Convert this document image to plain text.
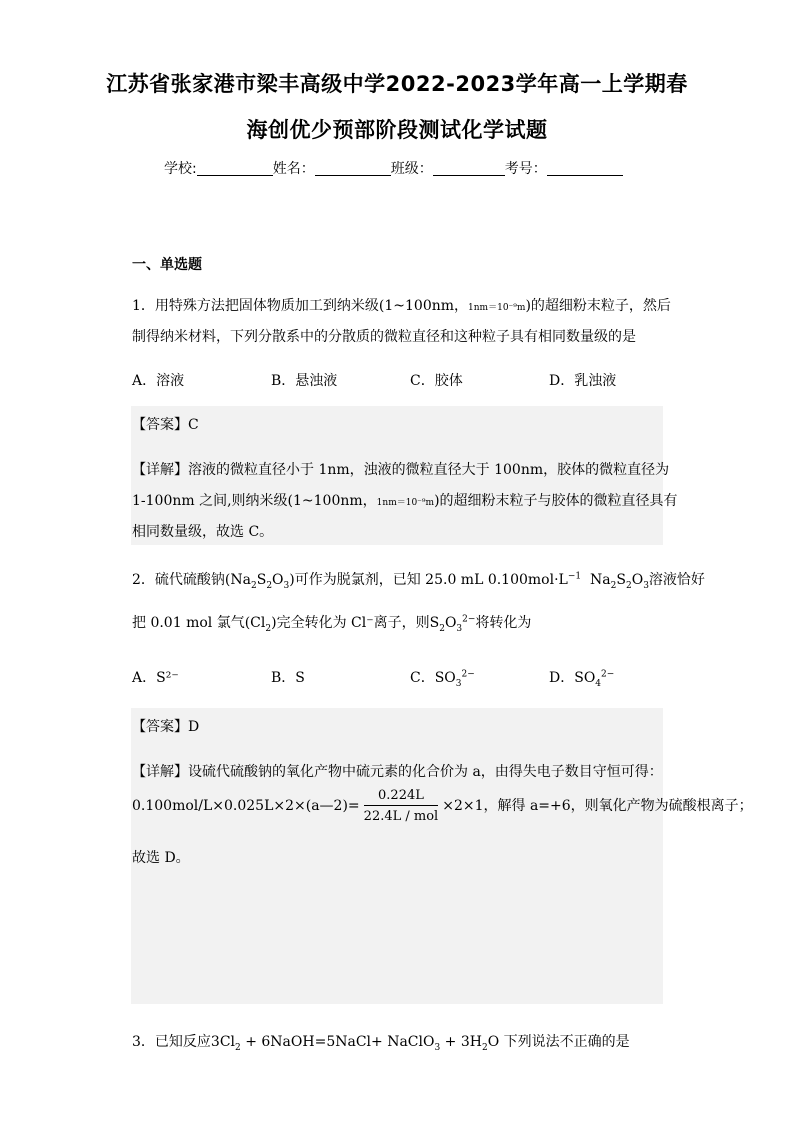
江苏省张家港市梁丰高级中学2022-2023学年高一上学期春
海创优少预部阶段测试化学试题
学校:	姓名：	班级：	考号：
一、单选题
1．用特殊方法把固体物质加工到纳米级(1~100nm，1nm＝10⁻⁹m)的超细粉末粒子，然后
制得纳米材料，下列分散系中的分散质的微粒直径和这种粒子具有相同数量级的是
A．溶液	B．悬浊液	C．胶体	D．乳浊液
【答案】C
【详解】溶液的微粒直径小于 1nm，浊液的微粒直径大于 100nm，胶体的微粒直径为
1-100nm 之间,则纳米级(1~100nm，1nm＝10⁻⁹m)的超细粉末粒子与胶体的微粒直径具有
相同数量级，故选 C。
2．硫代硫酸钠$(Na_2S_2O_3)$可作为脱氯剂，已知 25.0 mL $0.100mol\cdot L^{-1}$ $Na_2S_2O_3$溶液恰好
把 0.01 mol 氯气$(Cl_2)$完全转化为 Cl⁻离子，则$S_2O_3^{2-}$将转化为
A．S²⁻	B．S	C．$SO_3^{2-}$	D．$SO_4^{2-}$
【答案】D
【详解】设硫代硫酸钠的氧化产物中硫元素的化合价为 a，由得失电子数目守恒可得：
0.100mol/L×0.025L×2×(a—2)= $\frac{0.224L}{\text{22.4L / mol}} \times 2\times 1$，解得 a=+6，则氧化产物为硫酸根离子；
故选 D。
3．已知反应$3Cl_2$ + 6NaOH=5NaCl+ NaClO$_3$ + $3H_2O$ 下列说法不正确的是
